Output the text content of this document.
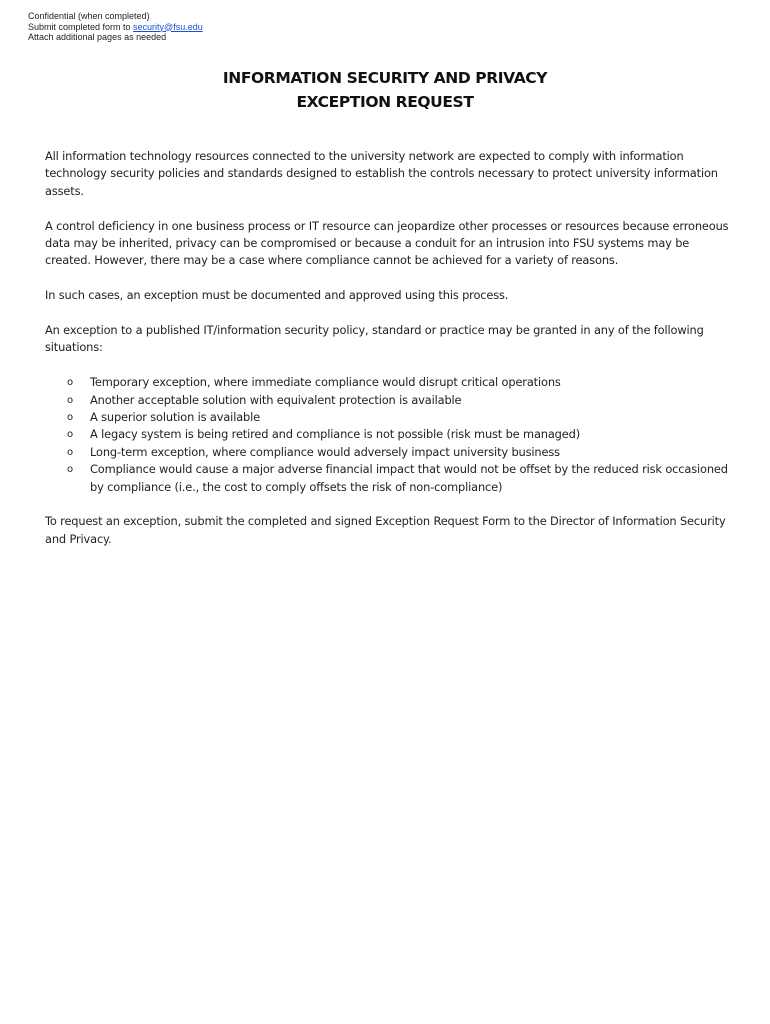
Confidential (when completed)
Submit completed form to security@fsu.edu
Attach additional pages as needed
INFORMATION SECURITY AND PRIVACY
EXCEPTION REQUEST

All information technology resources connected to the university network are expected to comply with information technology security policies and standards designed to establish the controls necessary to protect university information assets.

A control deficiency in one business process or IT resource can jeopardize other processes or resources because erroneous data may be inherited, privacy can be compromised or because a conduit for an intrusion into FSU systems may be created. However, there may be a case where compliance cannot be achieved for a variety of reasons.

In such cases, an exception must be documented and approved using this process.

An exception to a published IT/information security policy, standard or practice may be granted in any of the following situations:

o Temporary exception, where immediate compliance would disrupt critical operations
o Another acceptable solution with equivalent protection is available
o A superior solution is available
o A legacy system is being retired and compliance is not possible (risk must be managed)
o Long-term exception, where compliance would adversely impact university business
o Compliance would cause a major adverse financial impact that would not be offset by the reduced risk occasioned by compliance (i.e., the cost to comply offsets the risk of non-compliance)

To request an exception, submit the completed and signed Exception Request Form to the Director of Information Security and Privacy.
